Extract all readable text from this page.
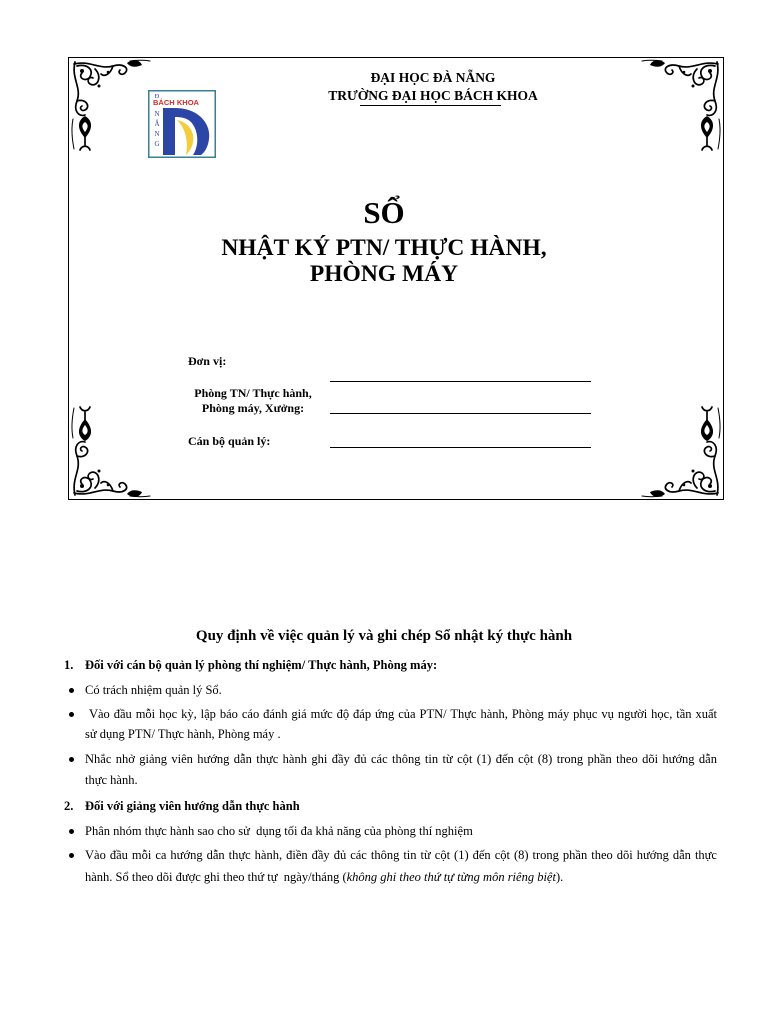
Đ
BÁCH KHOA
N
Ẵ
N
G
ĐẠI HỌC ĐÀ NẴNG
TRƯỜNG ĐẠI HỌC BÁCH KHOA
SỔ
NHẬT KÝ PTN/ THỰC HÀNH,
PHÒNG MÁY
Đơn vị:
Phòng TN/ Thực hành,
Phòng máy, Xưởng:
Cán bộ quản lý:
Quy định về việc quản lý và ghi chép Sổ nhật ký thực hành
1. Đối với cán bộ quản lý phòng thí nghiệm/ Thực hành, Phòng máy:
Có trách nhiệm quản lý Sổ.
Vào đầu mỗi học kỳ, lập báo cáo đánh giá mức độ đáp ứng của PTN/ Thực hành, Phòng máy phục vụ người học, tần xuất
sử dụng PTN/ Thực hành, Phòng máy .
Nhắc nhở giảng viên hướng dẫn thực hành ghi đầy đủ các thông tin từ cột (1) đến cột (8) trong phần theo dõi hướng dẫn
thực hành.
2. Đối với giảng viên hướng dẫn thực hành
Phân nhóm thực hành sao cho sử  dụng tối đa khả năng của phòng thí nghiệm
Vào đầu mỗi ca hướng dẫn thực hành, điền đầy đủ các thông tin từ cột (1) đến cột (8) trong phần theo dõi hướng dẫn thực
hành. Sổ theo dõi được ghi theo thứ tự  ngày/tháng (không ghi theo thứ tự từng môn riêng biệt).
